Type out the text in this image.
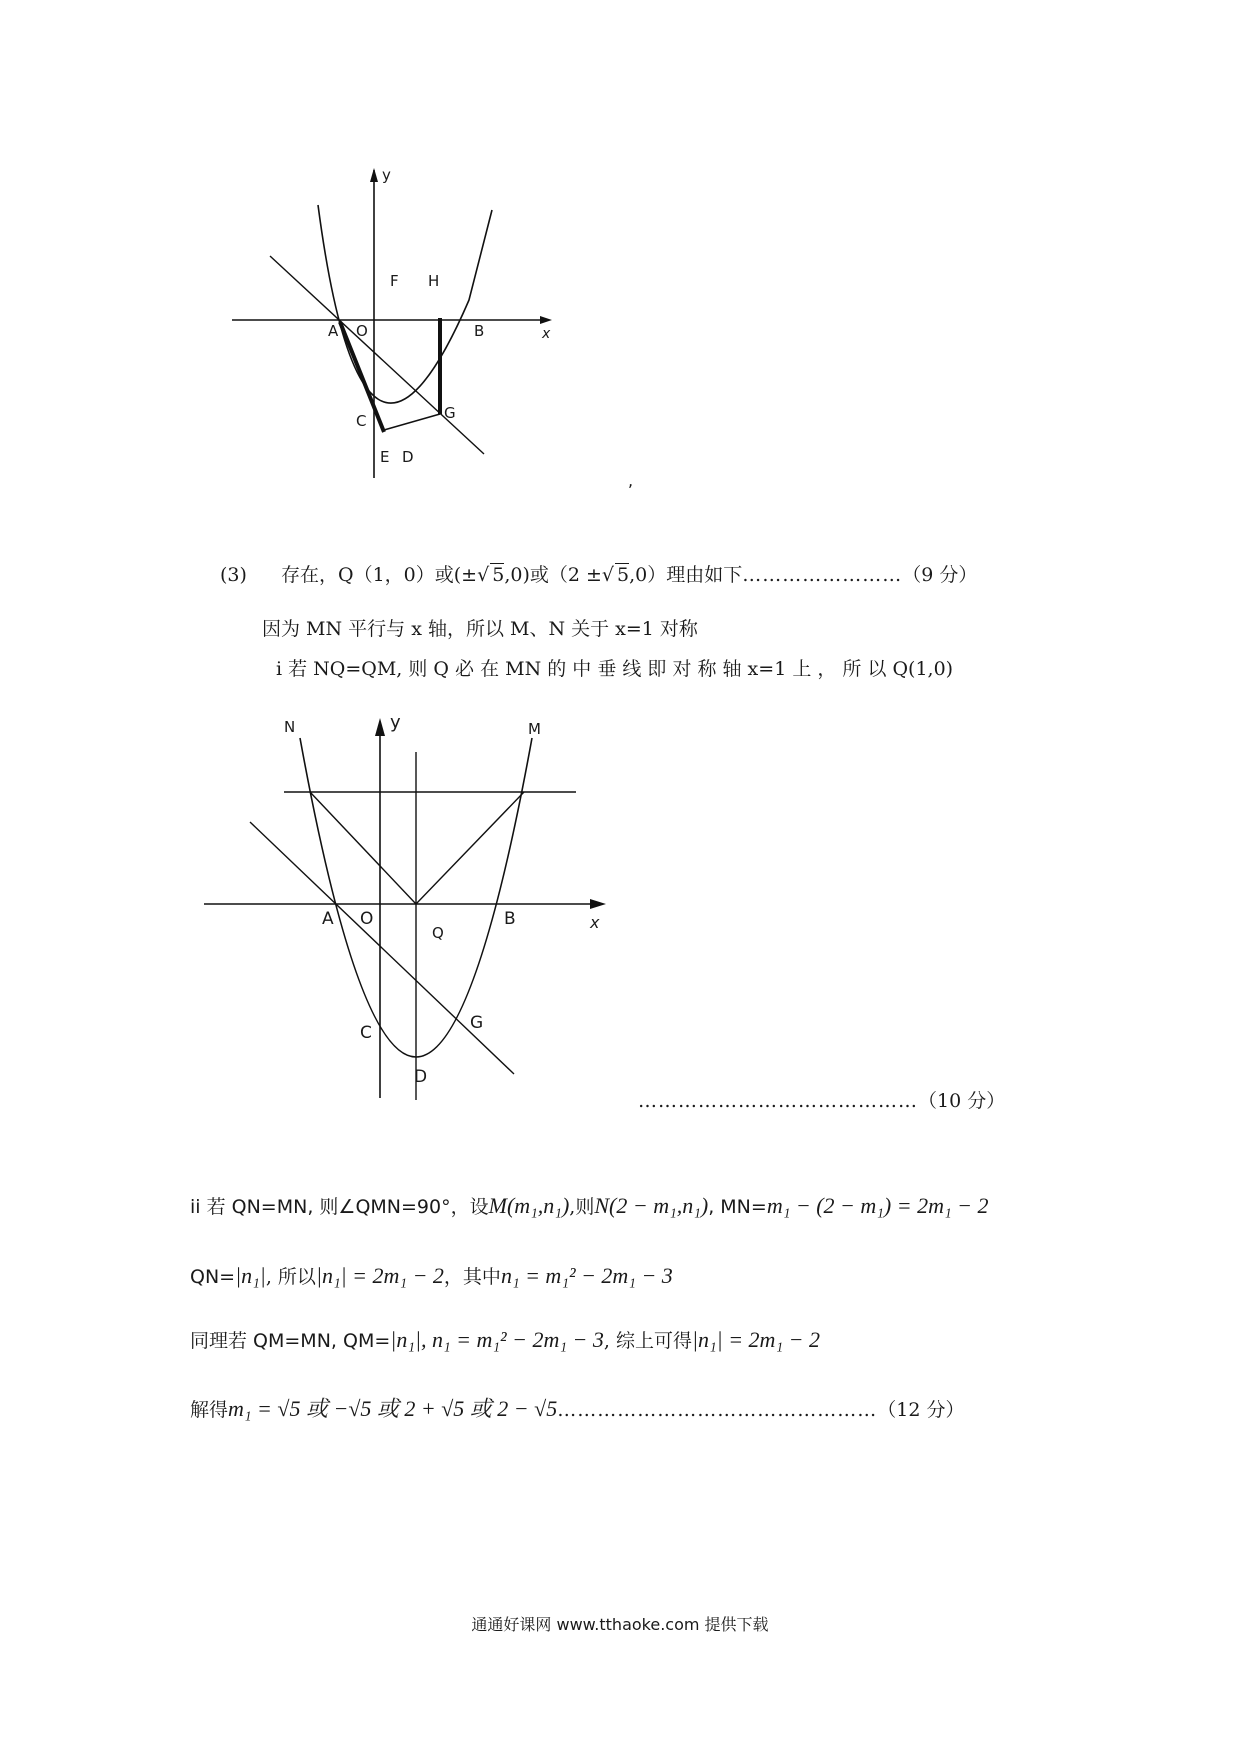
y
F H
A O	B	x
C	G
E D
,
(3) 存在，Q（1，0）或(±√ 5,0)或（2 ±√ 5,0）理由如下……………………（9 分）
因为 MN 平行与 x 轴，所以 M、N 关于 x=1 对称
i 若 NQ=QM, 则 Q 必 在 MN 的 中 垂 线 即 对 称 轴 x=1 上 ， 所 以 Q(1,0)
N	y	M
A O
Q
B	x
C	G
D
……………………………………（10 分）
ii 若 QN=MN, 则∠QMN=90°，设M(m₁,n₁),则N(2 − m₁,n₁), MN=m₁ − (2 − m₁) = 2m₁ − 2
QN=|n₁|, 所以|n₁| = 2m₁ − 2，其中n₁ = m₁² − 2m₁ − 3
同理若 QM=MN, QM=|n₁|, n₁ = m₁² − 2m₁ − 3, 综上可得|n₁| = 2m₁ − 2
解得m₁ = √5 或 −√5 或 2 + √5 或 2 − √5…………………………………………（12 分）
通通好课网 www.tthaoke.com 提供下载
